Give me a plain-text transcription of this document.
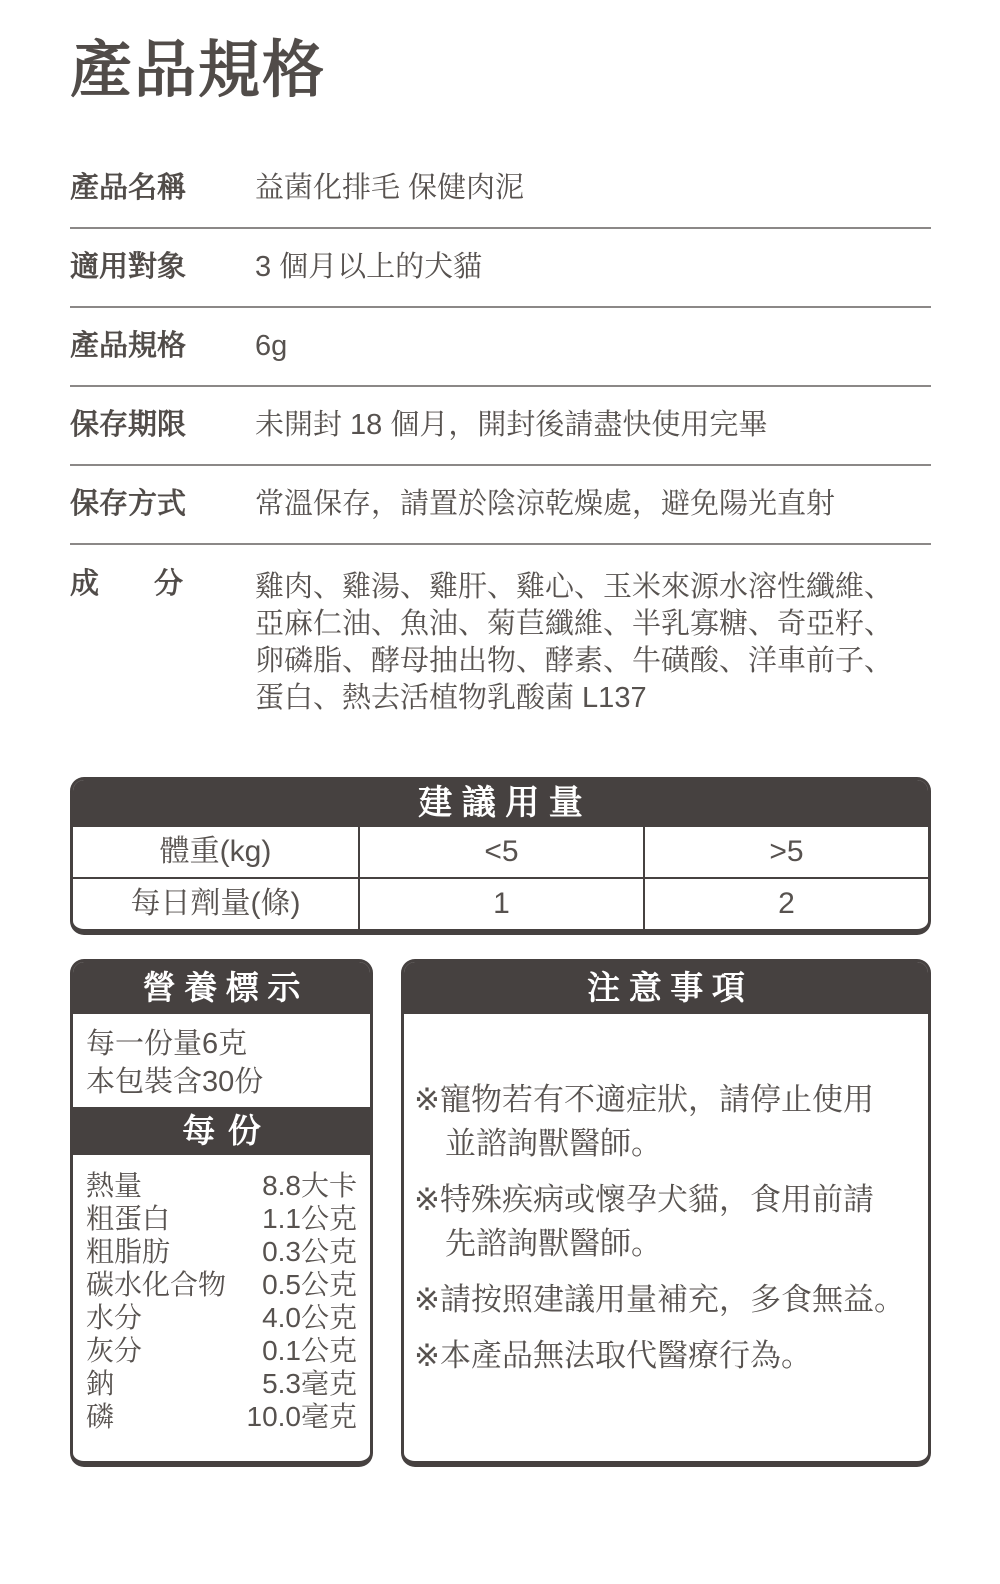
產品規格
產品名稱 益菌化排毛 保健肉泥
適用對象 3 個月以上的犬貓
產品規格 6g
保存期限 未開封 18 個月，開封後請盡快使用完畢
保存方式 常溫保存，請置於陰涼乾燥處，避免陽光直射
成　分 雞肉、雞湯、雞肝、雞心、玉米來源水溶性纖維、
亞麻仁油、魚油、菊苣纖維、半乳寡糖、奇亞籽、
卵磷脂、酵母抽出物、酵素、牛磺酸、洋車前子、
蛋白、熱去活植物乳酸菌 L137
建議用量
體重(kg)	<5	>5
每日劑量(條)	1	2
營養標示
每一份量6克
本包裝含30份
每份
熱量	8.8大卡
粗蛋白	1.1公克
粗脂肪	0.3公克
碳水化合物 0.5公克
水分	4.0公克
灰分	0.1公克
鈉	5.3毫克
磷	10.0毫克
注意事項
※寵物若有不適症狀，請停止使用
並諮詢獸醫師。
※特殊疾病或懷孕犬貓，食用前請
先諮詢獸醫師。
※請按照建議用量補充，多食無益。
※本產品無法取代醫療行為。
